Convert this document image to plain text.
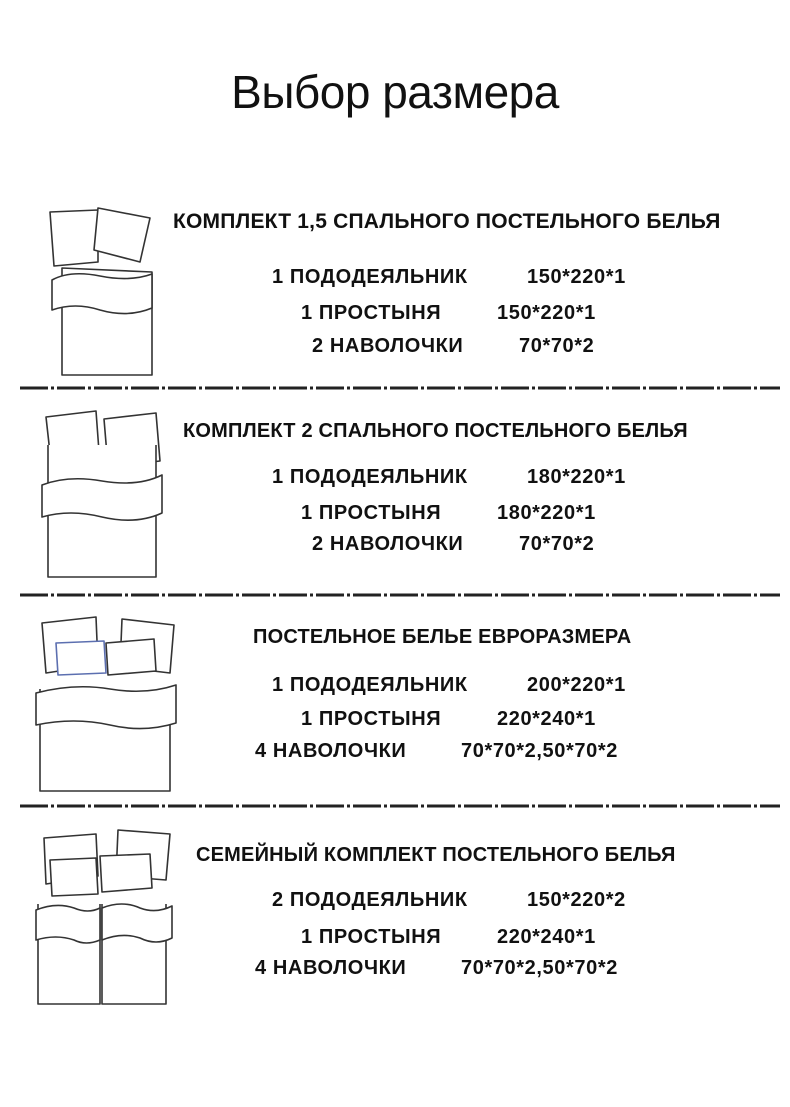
Выбор размера
КОМПЛЕКТ 1,5 СПАЛЬНОГО ПОСТЕЛЬНОГО БЕЛЬЯ
1 ПОДОДЕЯЛЬНИК	150*220*1
1 ПРОСТЫНЯ	150*220*1
2 НАВОЛОЧКИ	70*70*2
КОМПЛЕКТ 2 СПАЛЬНОГО ПОСТЕЛЬНОГО БЕЛЬЯ
1 ПОДОДЕЯЛЬНИК	180*220*1
1 ПРОСТЫНЯ	180*220*1
2 НАВОЛОЧКИ	70*70*2
ПОСТЕЛЬНОЕ БЕЛЬЕ ЕВРОРАЗМЕРА
1 ПОДОДЕЯЛЬНИК	200*220*1
1 ПРОСТЫНЯ	220*240*1
4 НАВОЛОЧКИ	70*70*2,50*70*2
СЕМЕЙНЫЙ КОМПЛЕКТ ПОСТЕЛЬНОГО БЕЛЬЯ
2 ПОДОДЕЯЛЬНИК	150*220*2
1 ПРОСТЫНЯ	220*240*1
4 НАВОЛОЧКИ	70*70*2,50*70*2
